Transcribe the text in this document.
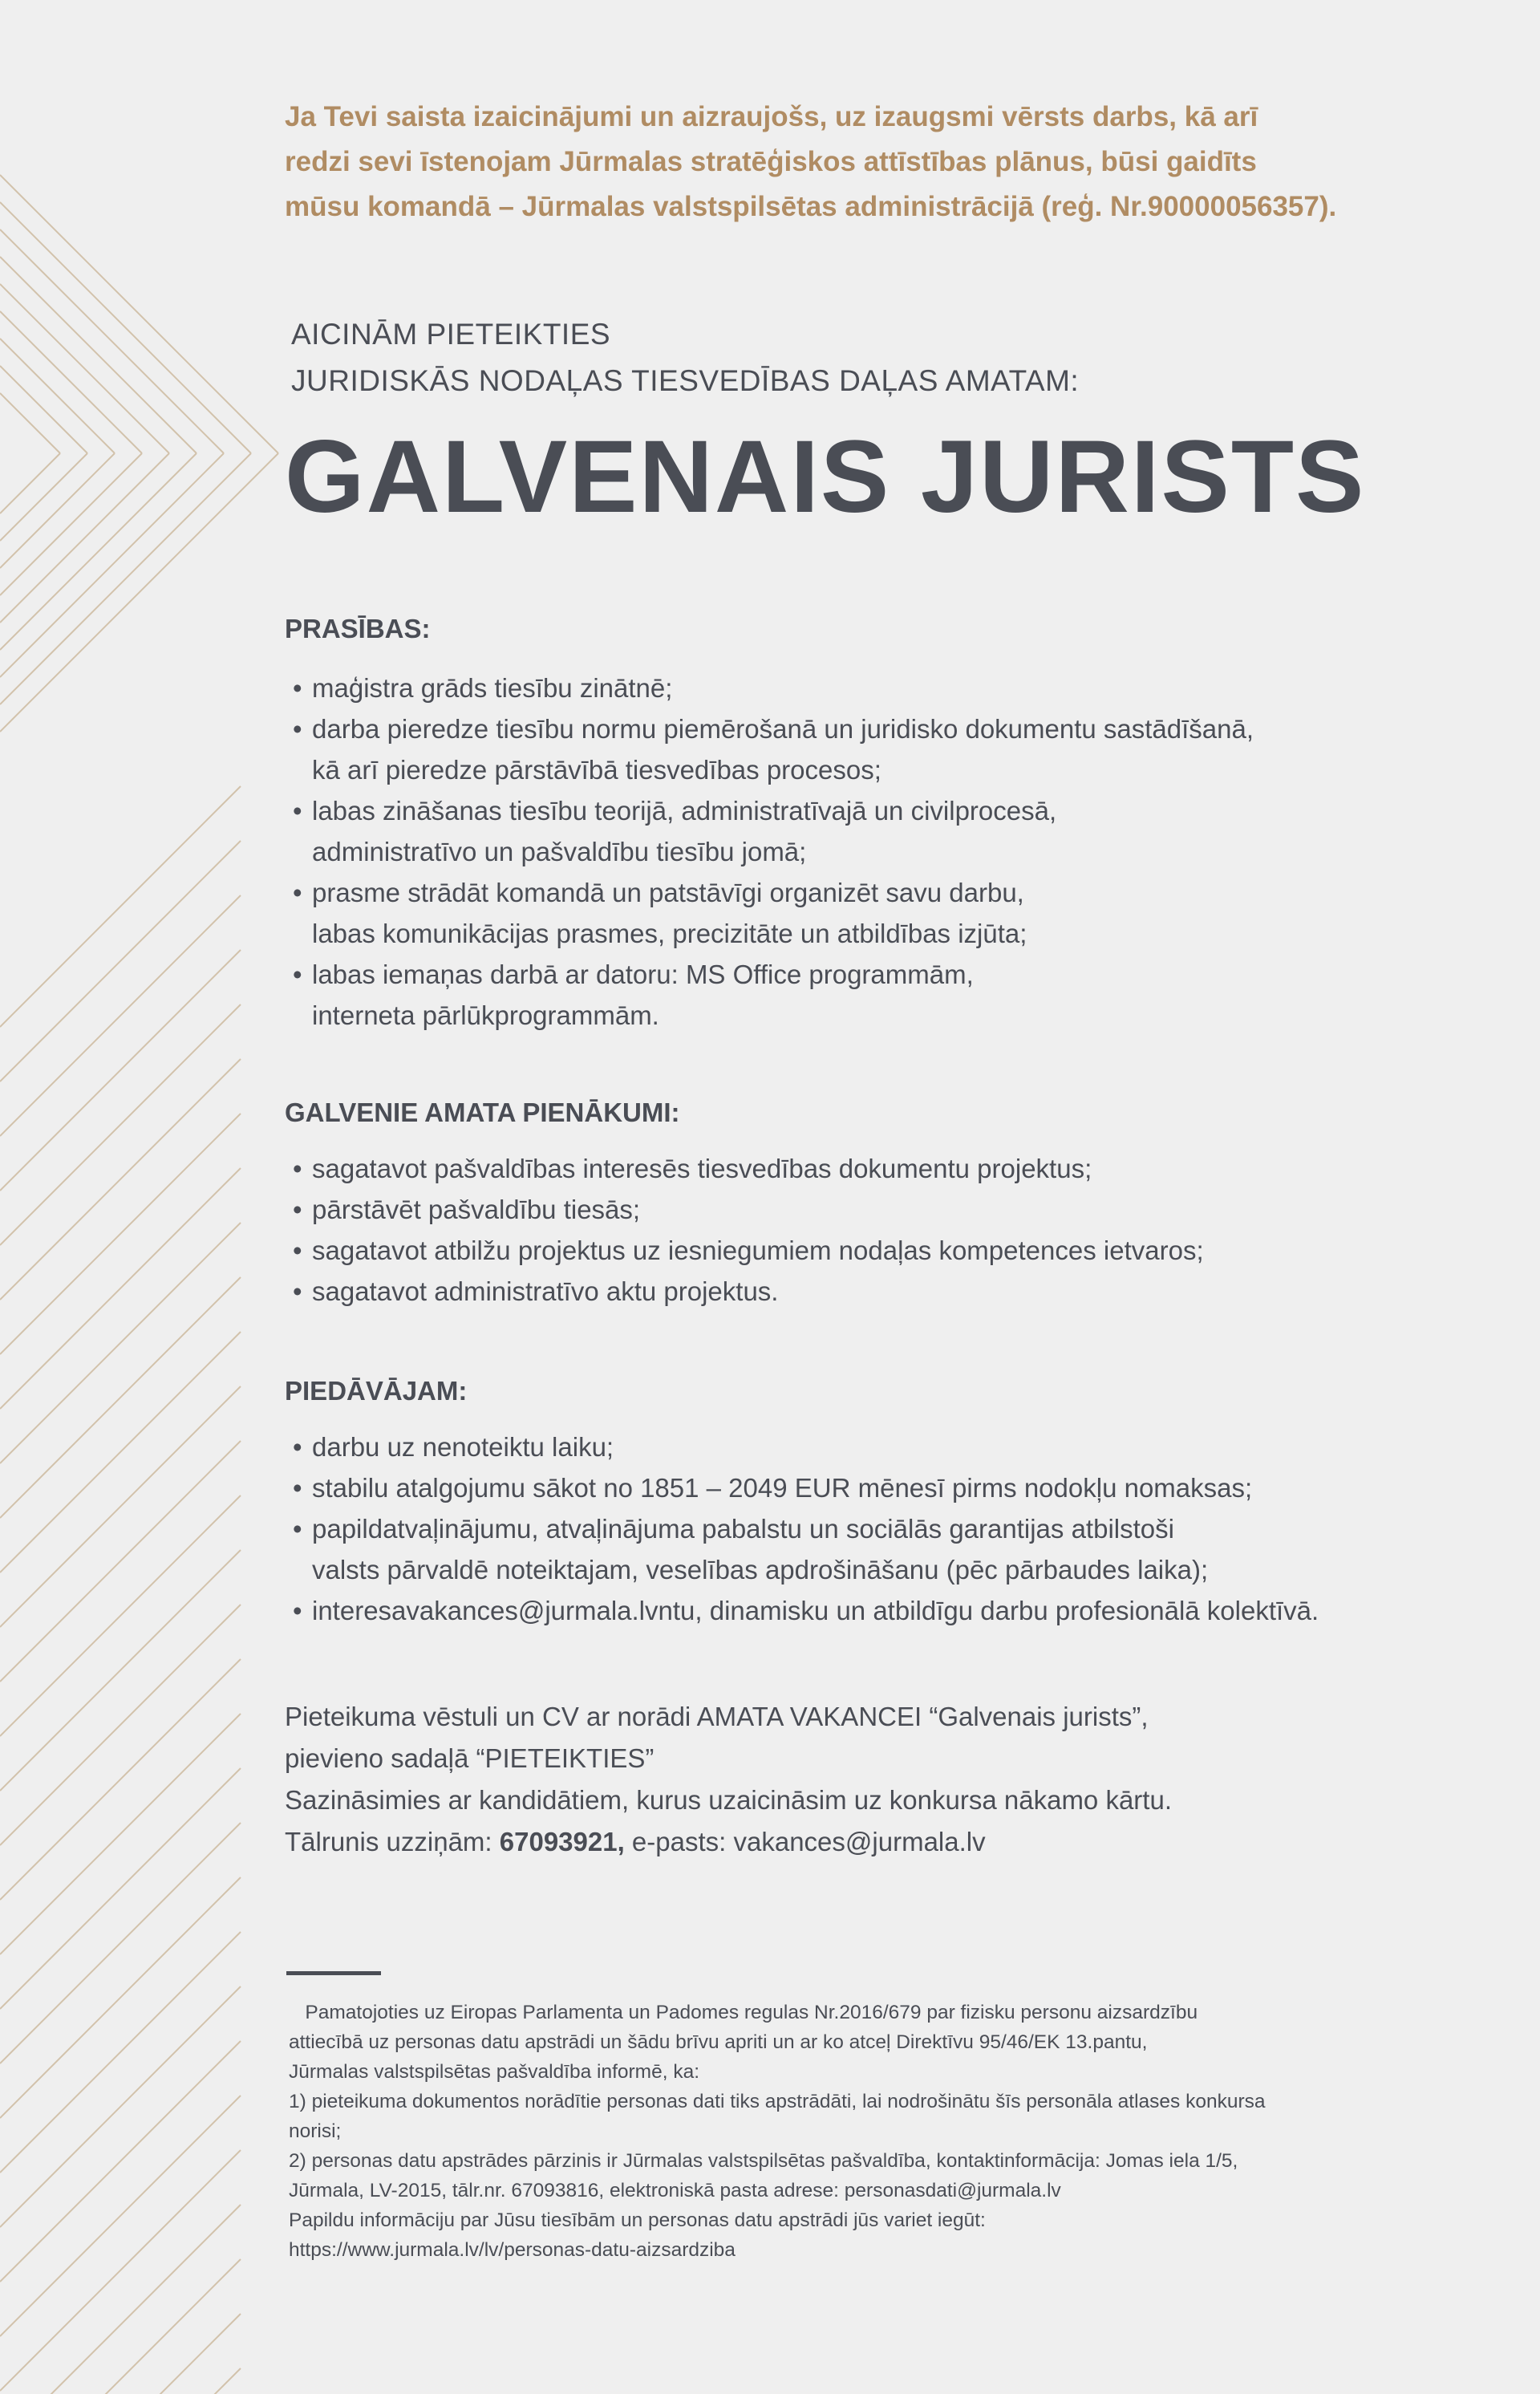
Ja Tevi saista izaicinājumi un aizraujošs, uz izaugsmi vērsts darbs, kā arī
redzi sevi īstenojam Jūrmalas stratēģiskos attīstības plānus, būsi gaidīts
mūsu komandā – Jūrmalas valstspilsētas administrācijā (reģ. Nr.90000056357).
AICINĀM PIETEIKTIES
JURIDISKĀS NODAĻAS TIESVEDĪBAS DAĻAS AMATAM:
GALVENAIS JURISTS
PRASĪBAS:
• maģistra grāds tiesību zinātnē;
• darba pieredze tiesību normu piemērošanā un juridisko dokumentu sastādīšanā,
kā arī pieredze pārstāvībā tiesvedības procesos;
• labas zināšanas tiesību teorijā, administratīvajā un civilprocesā,
administratīvo un pašvaldību tiesību jomā;
• prasme strādāt komandā un patstāvīgi organizēt savu darbu,
labas komunikācijas prasmes, precizitāte un atbildības izjūta;
• labas iemaņas darbā ar datoru: MS Office programmām,
interneta pārlūkprogrammām.
GALVENIE AMATA PIENĀKUMI:
• sagatavot pašvaldības interesēs tiesvedības dokumentu projektus;
• pārstāvēt pašvaldību tiesās;
• sagatavot atbilžu projektus uz iesniegumiem nodaļas kompetences ietvaros;
• sagatavot administratīvo aktu projektus.
PIEDĀVĀJAM:
• darbu uz nenoteiktu laiku;
• stabilu atalgojumu sākot no 1851 – 2049 EUR mēnesī pirms nodokļu nomaksas;
• papildatvaļinājumu, atvaļinājuma pabalstu un sociālās garantijas atbilstoši
valsts pārvaldē noteiktajam, veselības apdrošināšanu (pēc pārbaudes laika);
• interesavakances@jurmala.lvntu, dinamisku un atbildīgu darbu profesionālā kolektīvā.
Pieteikuma vēstuli un CV ar norādi AMATA VAKANCEI “Galvenais jurists”,
pievieno sadaļā “PIETEIKTIES”
Sazināsimies ar kandidātiem, kurus uzaicināsim uz konkursa nākamo kārtu.
Tālrunis uzziņām: 67093921, e-pasts: vakances@jurmala.lv
Pamatojoties uz Eiropas Parlamenta un Padomes regulas Nr.2016/679 par fizisku personu aizsardzību
attiecībā uz personas datu apstrādi un šādu brīvu apriti un ar ko atceļ Direktīvu 95/46/EK 13.pantu,
Jūrmalas valstspilsētas pašvaldība informē, ka:
1) pieteikuma dokumentos norādītie personas dati tiks apstrādāti, lai nodrošinātu šīs personāla atlases konkursa
norisi;
2) personas datu apstrādes pārzinis ir Jūrmalas valstspilsētas pašvaldība, kontaktinformācija: Jomas iela 1/5,
Jūrmala, LV-2015, tālr.nr. 67093816, elektroniskā pasta adrese: personasdati@jurmala.lv
Papildu informāciju par Jūsu tiesībām un personas datu apstrādi jūs variet iegūt:
https://www.jurmala.lv/lv/personas-datu-aizsardziba
